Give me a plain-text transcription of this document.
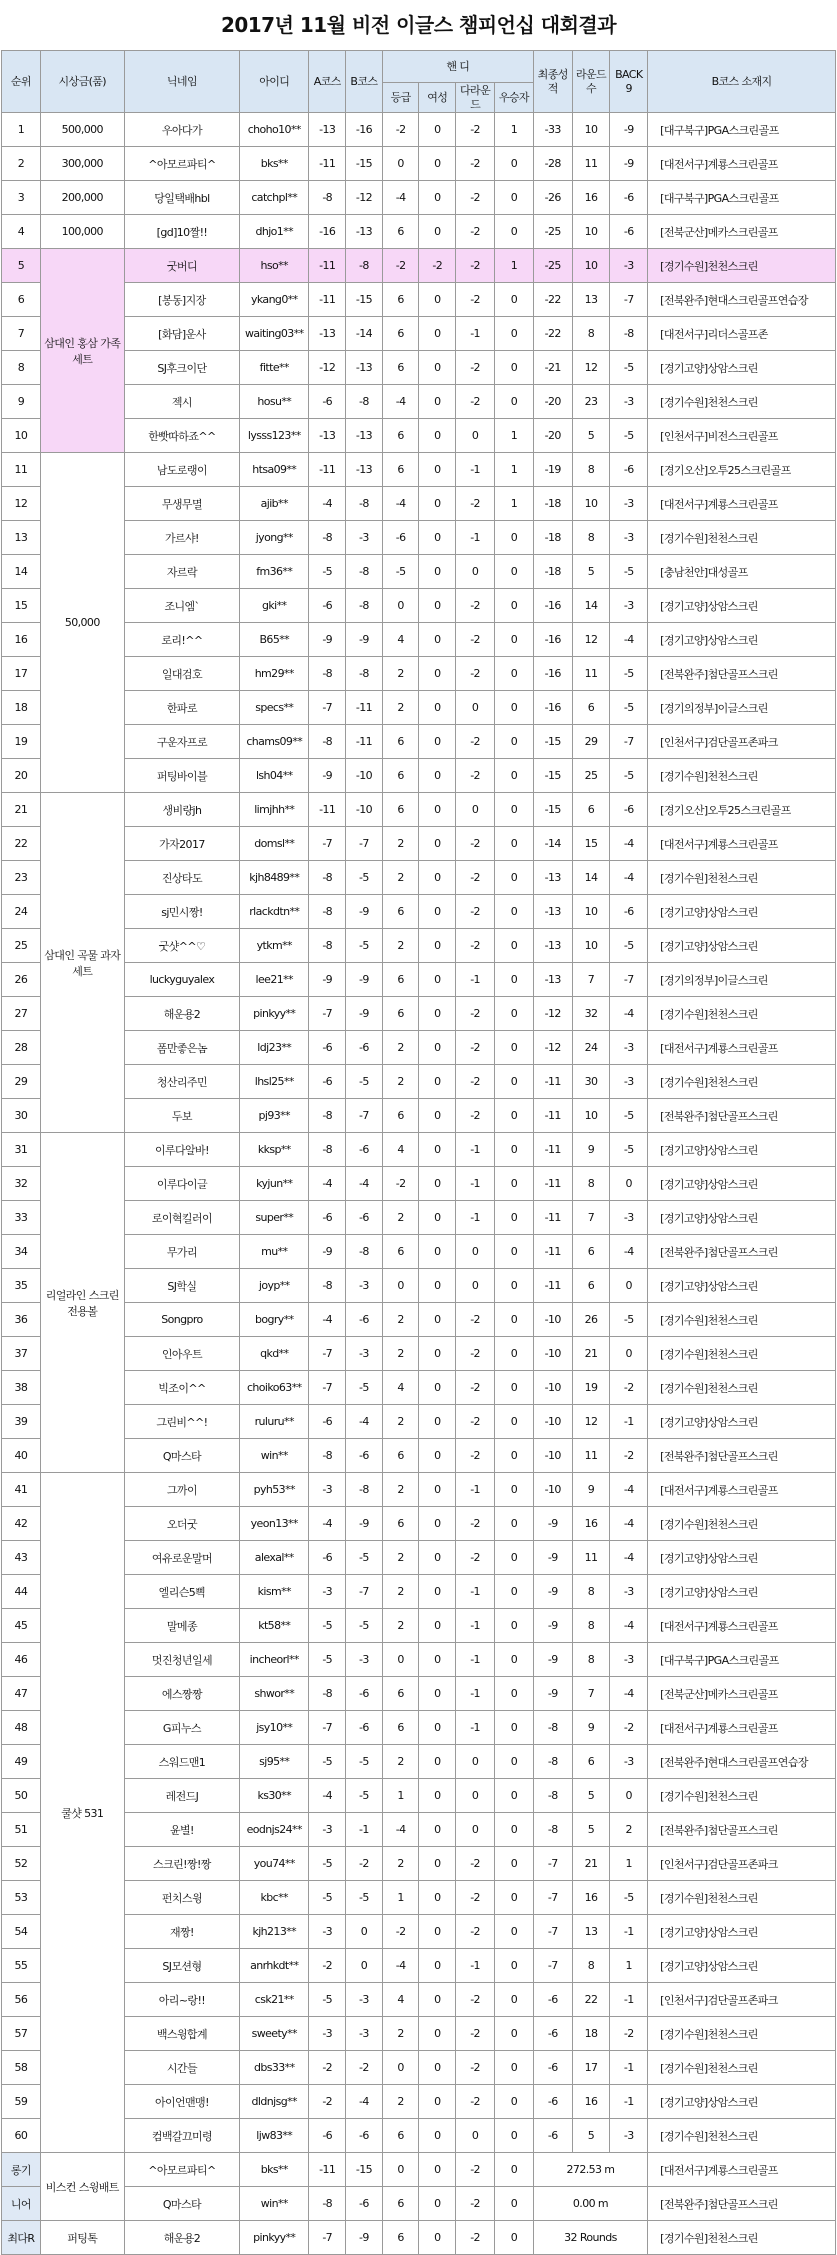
2017년 11월 비전 이글스 챔피언십 대회결과
순위	시상금(품)	닉네임	아이디	A코스	B코스	핸 디				최종성적	라운드수	BACK 9	B코스 소재지
						등급	여성	다라운드	우승자				
1	500,000	우아다가	choho10**	-13	-16	-2	0	-2	1	-33	10	-9	[대구북구]PGA스크린골프
2	300,000	^아모르파티^	bks**	-11	-15	0	0	-2	0	-28	11	-9	[대전서구]계룡스크린골프
3	200,000	당일택배hbl	catchpl**	-8	-12	-4	0	-2	0	-26	16	-6	[대구북구]PGA스크린골프
4	100,000	[gd]10짤!!	dhjo1**	-16	-13	6	0	-2	0	-25	10	-6	[전북군산]메카스크린골프
5	삼대인 홍삼 가족세트	굿버디	hso**	-11	-8	-2	-2	-2	1	-25	10	-3	[경기수원]천천스크린
6		[봉동]지장	ykang0**	-11	-15	6	0	-2	0	-22	13	-7	[전북완주]현대스크린골프연습장
7		[화담]운사	waiting03**	-13	-14	6	0	-1	0	-22	8	-8	[대전서구]리더스골프존
8		SJ후크이단	fitte**	-12	-13	6	0	-2	0	-21	12	-5	[경기고양]상암스크린
9		젝시	hosu**	-6	-8	-4	0	-2	0	-20	23	-3	[경기수원]천천스크린
10		한빳따하죠^^	lysss123**	-13	-13	6	0	0	1	-20	5	-5	[인천서구]비전스크린골프
11	50,000	남도로랭이	htsa09**	-11	-13	6	0	-1	1	-19	8	-6	[경기오산]오투25스크린골프
12		무생무멸	ajib**	-4	-8	-4	0	-2	1	-18	10	-3	[대전서구]계룡스크린골프
13		가르샤!	jyong**	-8	-3	-6	0	-1	0	-18	8	-3	[경기수원]천천스크린
14		자르락	fm36**	-5	-8	-5	0	0	0	-18	5	-5	[충남천안]대성골프
15		조니엠`	gki**	-6	-8	0	0	-2	0	-16	14	-3	[경기고양]상암스크린
16		로리!^^	B65**	-9	-9	4	0	-2	0	-16	12	-4	[경기고양]상암스크린
17		일대검호	hm29**	-8	-8	2	0	-2	0	-16	11	-5	[전북완주]첨단골프스크린
18		한파로	specs**	-7	-11	2	0	0	0	-16	6	-5	[경기의정부]이글스크린
19		구운자프로	chams09**	-8	-11	6	0	-2	0	-15	29	-7	[인천서구]검단골프존파크
20		퍼팅바이블	lsh04**	-9	-10	6	0	-2	0	-15	25	-5	[경기수원]천천스크린
21	삼대인 곡물 과자세트	생비량jh	limjhh**	-11	-10	6	0	0	0	-15	6	-6	[경기오산]오투25스크린골프
22		가자2017	domsl**	-7	-7	2	0	-2	0	-14	15	-4	[대전서구]계룡스크린골프
23		진상타도	kjh8489**	-8	-5	2	0	-2	0	-13	14	-4	[경기수원]천천스크린
24		sj민시짱!	rlackdtn**	-8	-9	6	0	-2	0	-13	10	-6	[경기고양]상암스크린
25		굿샷^^♡	ytkm**	-8	-5	2	0	-2	0	-13	10	-5	[경기고양]상암스크린
26		luckyguyalex	lee21**	-9	-9	6	0	-1	0	-13	7	-7	[경기의정부]이글스크린
27		해운용2	pinkyy**	-7	-9	6	0	-2	0	-12	32	-4	[경기수원]천천스크린
28		폼만좋은놈	ldj23**	-6	-6	2	0	-2	0	-12	24	-3	[대전서구]계룡스크린골프
29		청산리주민	lhsl25**	-6	-5	2	0	-2	0	-11	30	-3	[경기수원]천천스크린
30		두보	pj93**	-8	-7	6	0	-2	0	-11	10	-5	[전북완주]첨단골프스크린
31	리얼라인 스크린 전용볼	이루다알바!	kksp**	-8	-6	4	0	-1	0	-11	9	-5	[경기고양]상암스크린
32		이루다이글	kyjun**	-4	-4	-2	0	-1	0	-11	8	0	[경기고양]상암스크린
33		로이혁킬러이	super**	-6	-6	2	0	-1	0	-11	7	-3	[경기고양]상암스크린
34		무가리	mu**	-9	-8	6	0	0	0	-11	6	-4	[전북완주]첨단골프스크린
35		SJ학실	joyp**	-8	-3	0	0	0	0	-11	6	0	[경기고양]상암스크린
36		Songpro	bogry**	-4	-6	2	0	-2	0	-10	26	-5	[경기수원]천천스크린
37		인아우트	qkd**	-7	-3	2	0	-2	0	-10	21	0	[경기수원]천천스크린
38		빅조이^^	choiko63**	-7	-5	4	0	-2	0	-10	19	-2	[경기수원]천천스크린
39		그린비^^!	ruluru**	-6	-4	2	0	-2	0	-10	12	-1	[경기고양]상암스크린
40		Q마스타	win**	-8	-6	6	0	-2	0	-10	11	-2	[전북완주]첨단골프스크린
41	쿨샷 531	그까이	pyh53**	-3	-8	2	0	-1	0	-10	9	-4	[대전서구]계룡스크린골프
42		오더굿	yeon13**	-4	-9	6	0	-2	0	-9	16	-4	[경기수원]천천스크린
43		여유로운말머	alexal**	-6	-5	2	0	-2	0	-9	11	-4	[경기고양]상암스크린
44		엘리슨5쁵	kism**	-3	-7	2	0	-1	0	-9	8	-3	[경기고양]상암스크린
45		말메종	kt58**	-5	-5	2	0	-1	0	-9	8	-4	[대전서구]계룡스크린골프
46		멋진청년일세	incheorl**	-5	-3	0	0	-1	0	-9	8	-3	[대구북구]PGA스크린골프
47		에스짱짱	shwor**	-8	-6	6	0	-1	0	-9	7	-4	[전북군산]메카스크린골프
48		G피누스	jsy10**	-7	-6	6	0	-1	0	-8	9	-2	[대전서구]계룡스크린골프
49		스워드맨1	sj95**	-5	-5	2	0	0	0	-8	6	-3	[전북완주]현대스크린골프연습장
50		레전드J	ks30**	-4	-5	1	0	0	0	-8	5	0	[경기수원]천천스크린
51		윤별!	eodnjs24**	-3	-1	-4	0	0	0	-8	5	2	[전북완주]첨단골프스크린
52		스크린!짱!짱	you74**	-5	-2	2	0	-2	0	-7	21	1	[인천서구]검단골프존파크
53		펀치스윙	kbc**	-5	-5	1	0	-2	0	-7	16	-5	[경기수원]천천스크린
54		재짱!	kjh213**	-3	0	-2	0	-2	0	-7	13	-1	[경기고양]상암스크린
55		SJ모션형	anrhkdt**	-2	0	-4	0	-1	0	-7	8	1	[경기고양]상암스크린
56		아리~랑!!	csk21**	-5	-3	4	0	-2	0	-6	22	-1	[인천서구]검단골프존파크
57		백스윙합계	sweety**	-3	-3	2	0	-2	0	-6	18	-2	[경기수원]천천스크린
58		시간들	dbs33**	-2	-2	0	0	-2	0	-6	17	-1	[경기수원]천천스크린
59		아이언맨맹!	dldnjsg**	-2	-4	2	0	-2	0	-6	16	-1	[경기고양]상암스크린
60		컴백갈끄미령	ljw83**	-6	-6	6	0	0	0	-6	5	-3	[경기수원]천천스크린
롱기	비스컨 스윙배트	^아모르파티^	bks**	-11	-15	0	0	-2	0	272.53 m			[대전서구]계룡스크린골프
니어		Q마스타	win**	-8	-6	6	0	-2	0	0.00 m			[전북완주]첨단골프스크린
최다R	퍼팅톡	해운용2	pinkyy**	-7	-9	6	0	-2	0	32 Rounds			[경기수원]천천스크린
